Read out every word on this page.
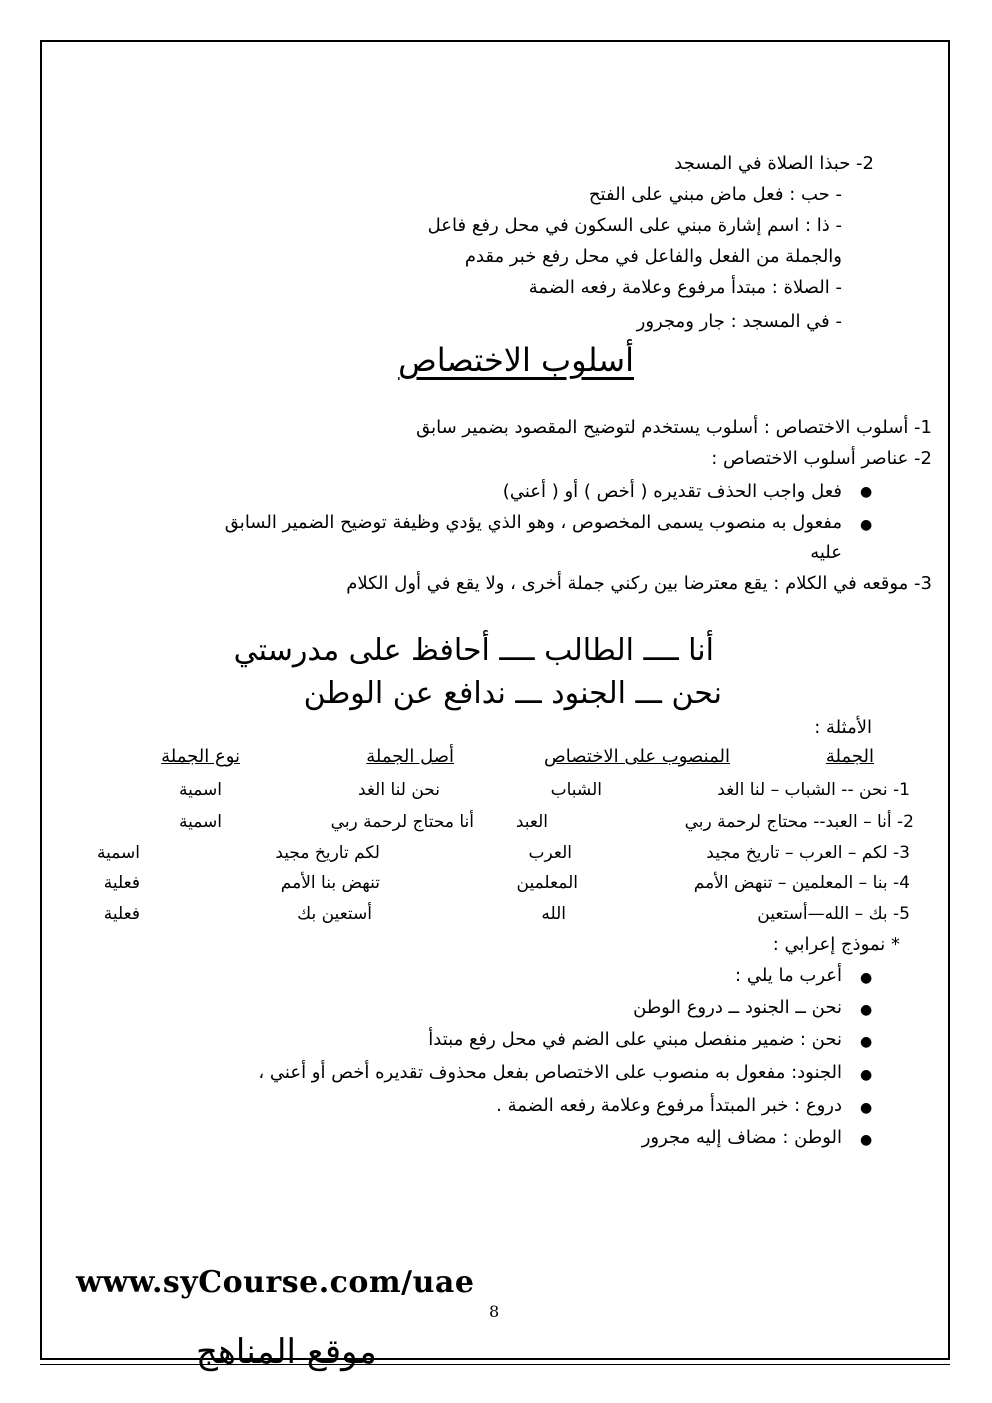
2- حبذا الصلاة في المسجد
- حب : فعل ماض مبني على الفتح
- ذا : اسم إشارة مبني على السكون في محل رفع فاعل
والجملة من الفعل والفاعل في محل رفع خبر مقدم
- الصلاة : مبتدأ مرفوع وعلامة رفعه الضمة
- في المسجد : جار ومجرور
أسلوب الاختصاص
1- أسلوب الاختصاص : أسلوب يستخدم لتوضيح المقصود بضمير سابق
2- عناصر أسلوب الاختصاص :
●
فعل واجب الحذف تقديره ( أخص ) أو ( أعني)
●
مفعول به منصوب يسمى المخصوص ، وهو الذي يؤدي وظيفة توضيح الضمير السابق
عليه
3- موقعه في الكلام : يقع معترضا بين ركني جملة أخرى ، ولا يقع في أول الكلام
أنا ــــ الطالب ــــ أحافظ على مدرستي
نحن ـــ الجنود ـــ ندافع عن الوطن
الأمثلة :
الجملة
المنصوب على الاختصاص
أصل الجملة
نوع الجملة
1- نحن -- الشباب – لنا الغد
الشباب
نحن لنا الغد
اسمية
2- أنا – العبد-- محتاج لرحمة ربي
العبد
أنا محتاج لرحمة ربي
اسمية
3- لكم – العرب – تاريخ مجيد
العرب
لكم تاريخ مجيد
اسمية
4- بنا – المعلمين – تنهض الأمم
المعلمين
تنهض بنا الأمم
فعلية
5- بك – الله—أستعين
الله
أستعين بك
فعلية
* نموذج إعرابي :
●
أعرب ما يلي :
●
نحن ــ الجنود ــ دروع الوطن
●
نحن : ضمير منفصل مبني على الضم في محل رفع مبتدأ
●
الجنود: مفعول به منصوب على الاختصاص بفعل محذوف تقديره أخص أو أعني ،
●
دروع : خبر المبتدأ مرفوع وعلامة رفعه الضمة .
●
الوطن : مضاف إليه مجرور
www.syCourse.com/uae
8
موقع المناهج
